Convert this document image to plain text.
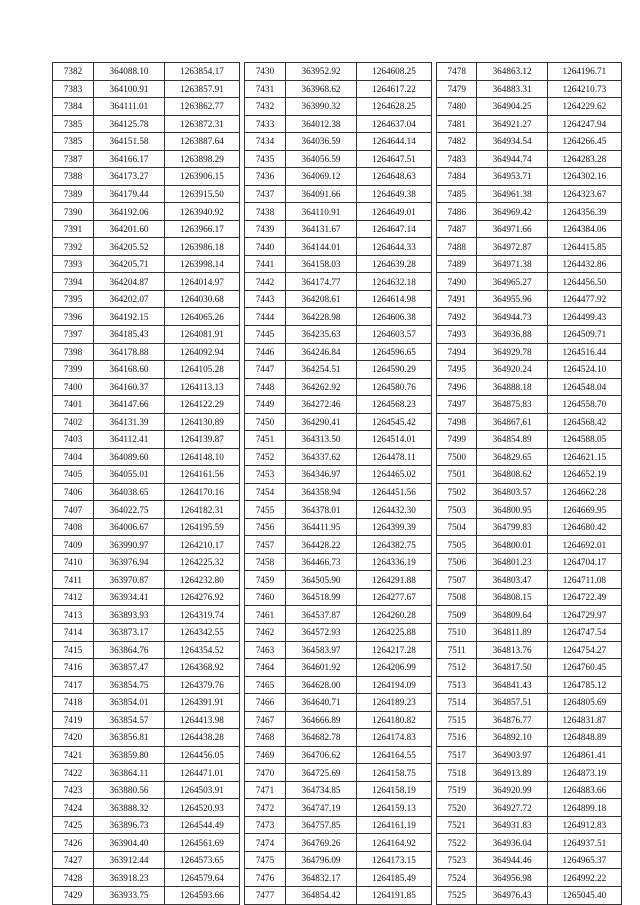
7382	364088.10	1263854.17
7383	364100.91	1263857.91
7384	364111.01	1263862.77
7385	364125.78	1263872.31
7385	364151.58	1263887.64
7387	364166.17	1263898.29
7388	364173.27	1263906.15
7389	364179.44	1263915.50
7390	364192.06	1263940.92
7391	364201.60	1263966.17
7392	364205.52	1263986.18
7393	364205.71	1263998.14
7394	364204.87	1264014.97
7395	364202.07	1264030.68
7396	364192.15	1264065.26
7397	364185.43	1264081.91
7398	364178.88	1264092.94
7399	364168.60	1264105.28
7400	364160.37	1264113.13
7401	364147.66	1264122.29
7402	364131.39	1264130.89
7403	364112.41	1264139.87
7404	364089.60	1264148.10
7405	364055.01	1264161.56
7406	364038.65	1264170.16
7407	364022.75	1264182.31
7408	364006.67	1264195.59
7409	363990.97	1264210.17
7410	363976.94	1264225.32
7411	363970.87	1264232.80
7412	363934.41	1264276.92
7413	363893.93	1264319.74
7414	363873.17	1264342.55
7415	363864.76	1264354.52
7416	363857.47	1264368.92
7417	363854.75	1264379.76
7418	363854.01	1264391.91
7419	363854.57	1264413.98
7420	363856.81	1264438.28
7421	363859.80	1264456.05
7422	363864.11	1264471.01
7423	363880.56	1264503.91
7424	363888.32	1264520.93
7425	363896.73	1264544.49
7426	363904.40	1264561.69
7427	363912.44	1264573.65
7428	363918.23	1264579.64
7429	363933.75	1264593.66
7430	363952.92	1264608.25
7431	363968.62	1264617.22
7432	363990.32	1264628.25
7433	364012.38	1264637.04
7434	364036.59	1264644.14
7435	364056.59	1264647.51
7436	364069.12	1264648.63
7437	364091.66	1264649.38
7438	364110.91	1264649.01
7439	364131.67	1264647.14
7440	364144.01	1264644.33
7441	364158.03	1264639.28
7442	364174.77	1264632.18
7443	364208.61	1264614.98
7444	364228.98	1264606.38
7445	364235.63	1264603.57
7446	364246.84	1264596.65
7447	364254.51	1264590.29
7448	364262.92	1264580.76
7449	364272.46	1264568.23
7450	364290.41	1264545.42
7451	364313.50	1264514.01
7452	364337.62	1264478.11
7453	364346.97	1264465.02
7454	364358.94	1264451.56
7455	364378.01	1264432.30
7456	364411.95	1264399.39
7457	364428.22	1264382.75
7458	364466.73	1264336.19
7459	364505.90	1264291.88
7460	364518.99	1264277.67
7461	364537.87	1264260.28
7462	364572.93	1264225.88
7463	364583.97	1264217.28
7464	364601.92	1264206.99
7465	364628.00	1264194.09
7466	364640.71	1264189.23
7467	364666.89	1264180.82
7468	364682.78	1264174.83
7469	364706.62	1264164.55
7470	364725.69	1264158.75
7471	364734.85	1264158.19
7472	364747.19	1264159.13
7473	364757.85	1264161.19
7474	364769.26	1264164.92
7475	364796.09	1264173.15
7476	364832.17	1264185.49
7477	364854.42	1264191.85
7478	364863.12	1264196.71
7479	364883.31	1264210.73
7480	364904.25	1264229.62
7481	364921.27	1264247.94
7482	364934.54	1264266.45
7483	364944.74	1264283.28
7484	364953.71	1264302.16
7485	364961.38	1264323.67
7486	364969.42	1264356.39
7487	364971.66	1264384.06
7488	364972.87	1264415.85
7489	364971.38	1264432.86
7490	364965.27	1264456.50
7491	364955.96	1264477.92
7492	364944.73	1264499.43
7493	364936.88	1264509.71
7494	364929.78	1264516.44
7495	364920.24	1264524.10
7496	364888.18	1264548.04
7497	364875.83	1264558.70
7498	364867.61	1264568.42
7499	364854.89	1264588.05
7500	364829.65	1264621.15
7501	364808.62	1264652.19
7502	364803.57	1264662.28
7503	364800.95	1264669.95
7504	364799.83	1264680.42
7505	364800.01	1264692.01
7506	364801.23	1264704.17
7507	364803.47	1264711.08
7508	364808.15	1264722.49
7509	364809.64	1264729.97
7510	364811.89	1264747.54
7511	364813.76	1264754.27
7512	364817.50	1264760.45
7513	364841.43	1264785.12
7514	364857.51	1264805.69
7515	364876.77	1264831.87
7516	364892.10	1264848.89
7517	364903.97	1264861.41
7518	364913.89	1264873.19
7519	364920.99	1264883.66
7520	364927.72	1264899.18
7521	364931.83	1264912.83
7522	364936.04	1264937.51
7523	364944.46	1264965.37
7524	364956.98	1264992.22
7525	364976.43	1265045.40
